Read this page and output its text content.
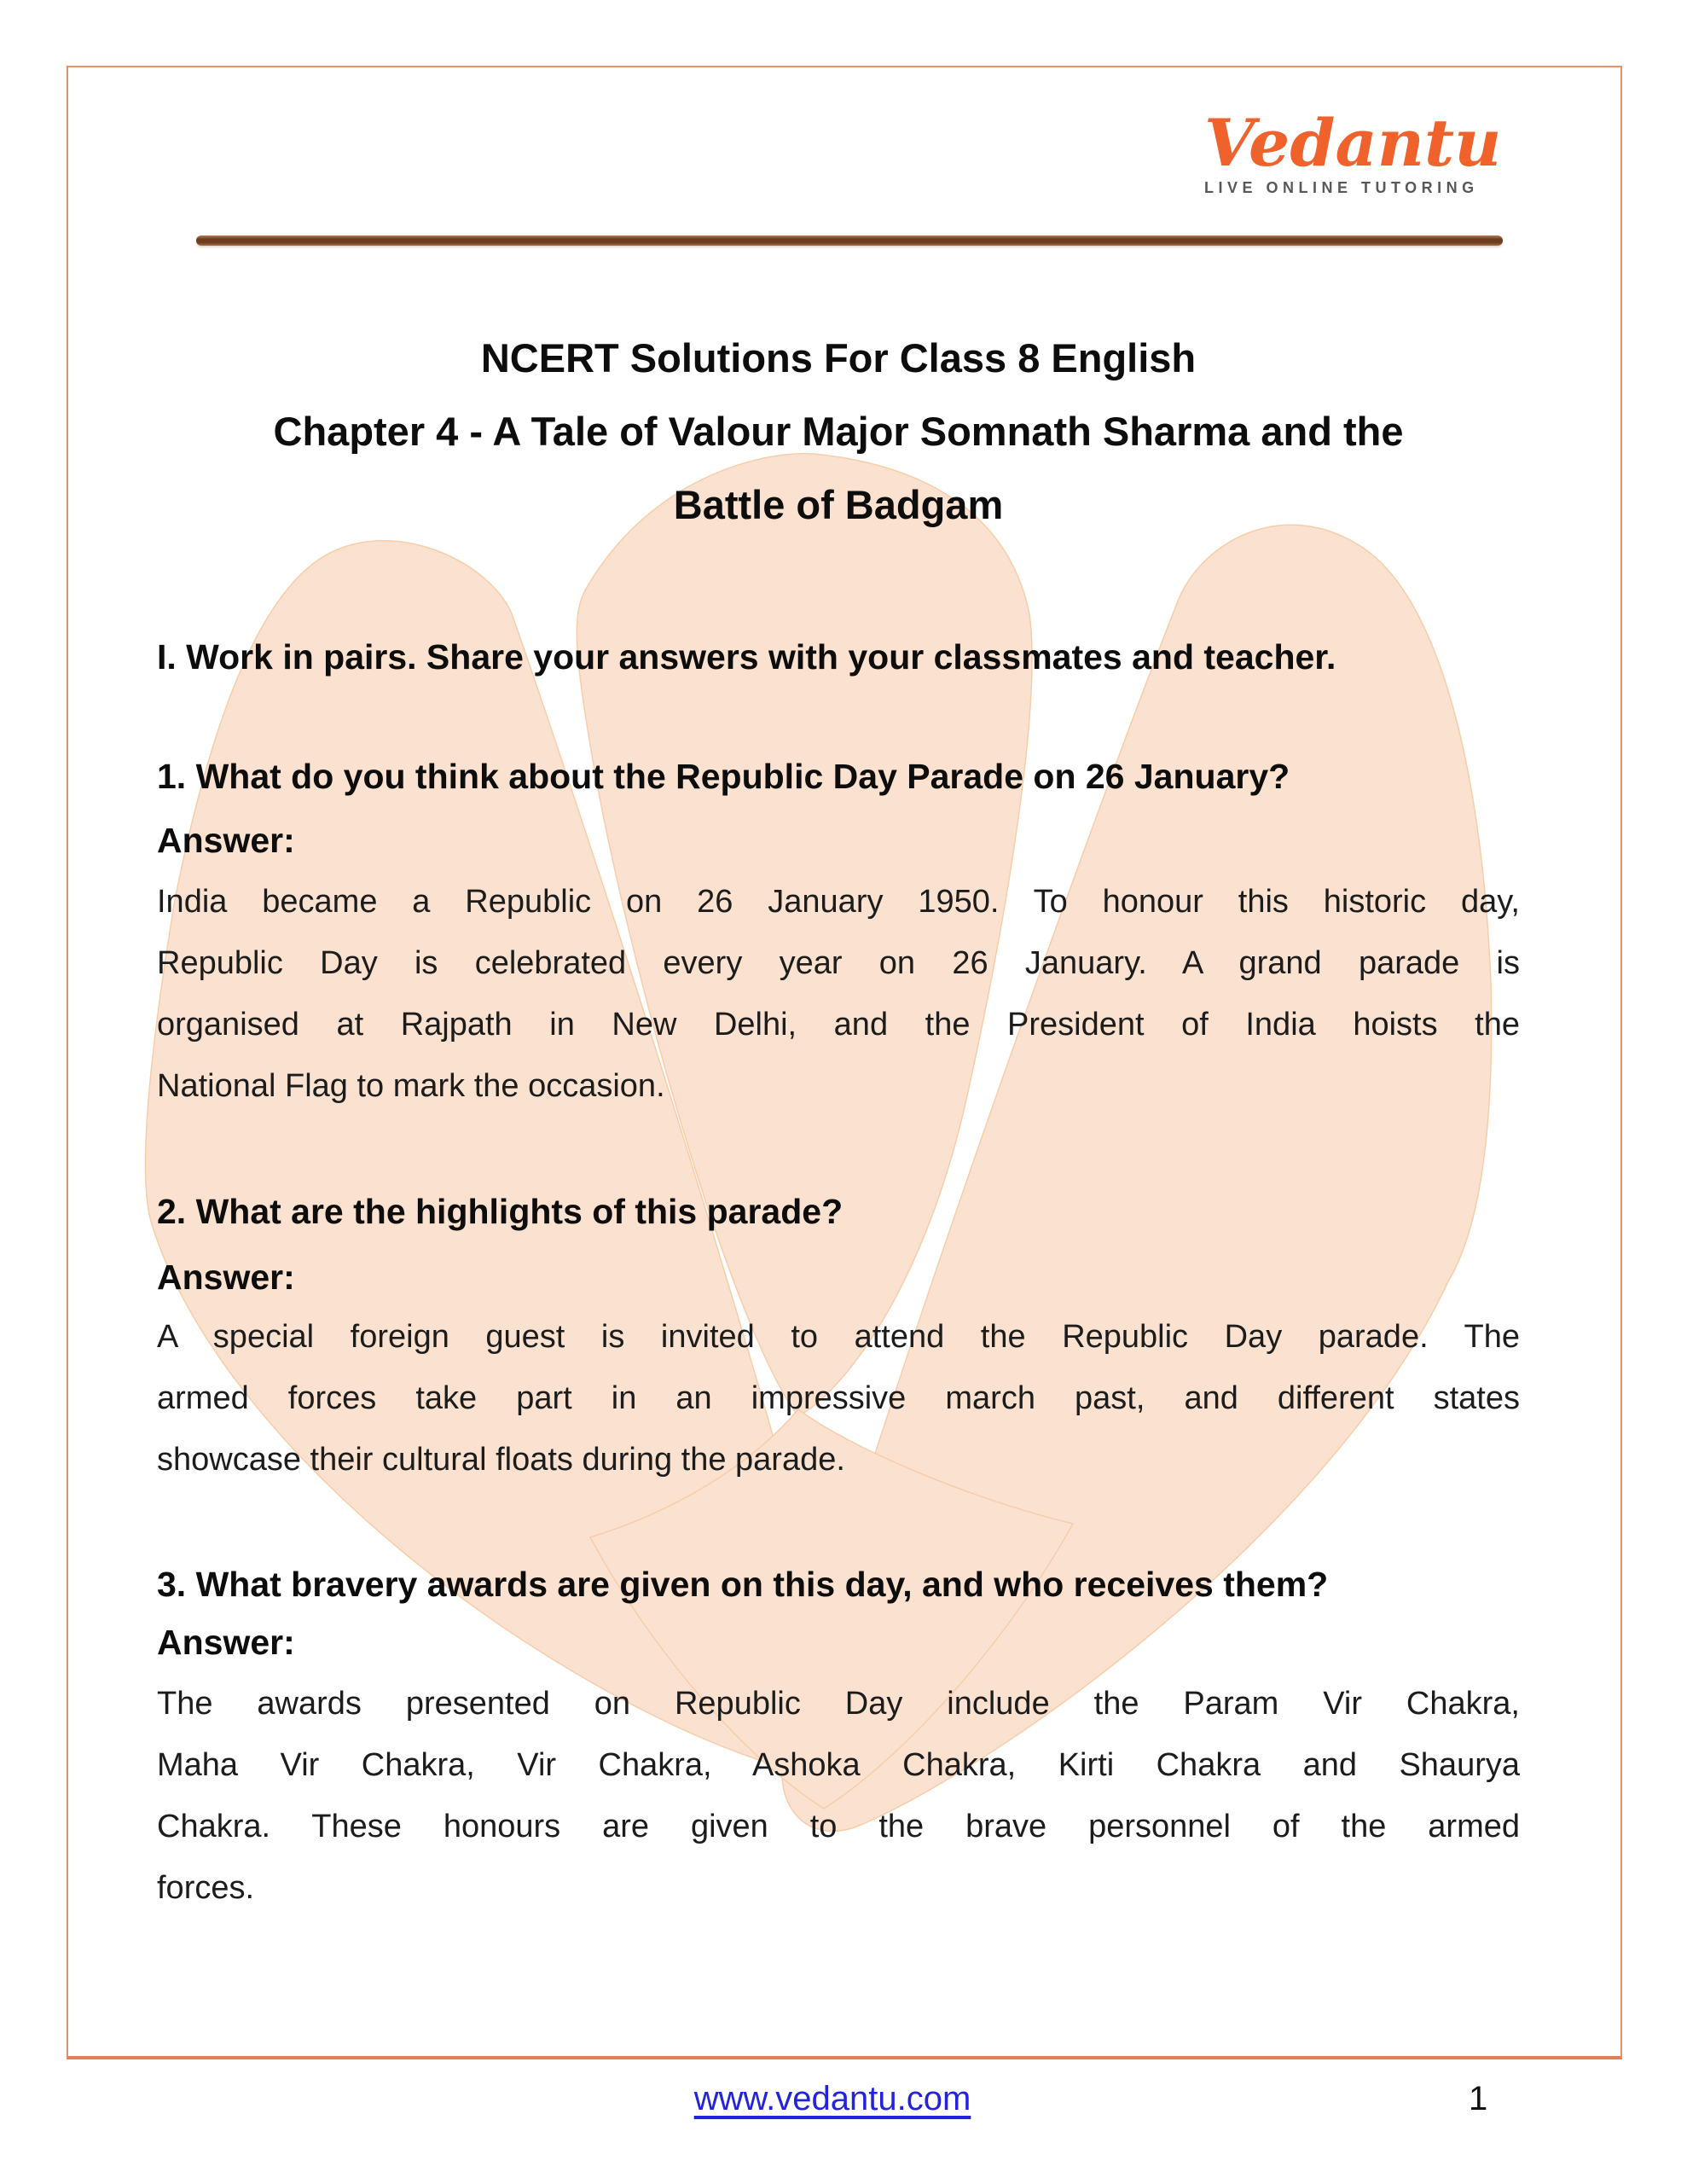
Vedantu
LIVE ONLINE TUTORING
NCERT Solutions For Class 8 English
Chapter 4 - A Tale of Valour Major Somnath Sharma and the
Battle of Badgam
I. Work in pairs. Share your answers with your classmates and teacher.
1. What do you think about the Republic Day Parade on 26 January?
Answer:
India became a Republic on 26 January 1950. To honour this historic day,
Republic Day is celebrated every year on 26 January. A grand parade is
organised at Rajpath in New Delhi, and the President of India hoists the
National Flag to mark the occasion.
2. What are the highlights of this parade?
Answer:
A special foreign guest is invited to attend the Republic Day parade. The
armed forces take part in an impressive march past, and different states
showcase their cultural floats during the parade.
3. What bravery awards are given on this day, and who receives them?
Answer:
The awards presented on Republic Day include the Param Vir Chakra,
Maha Vir Chakra, Vir Chakra, Ashoka Chakra, Kirti Chakra and Shaurya
Chakra. These honours are given to the brave personnel of the armed
forces.
www.vedantu.com	1
